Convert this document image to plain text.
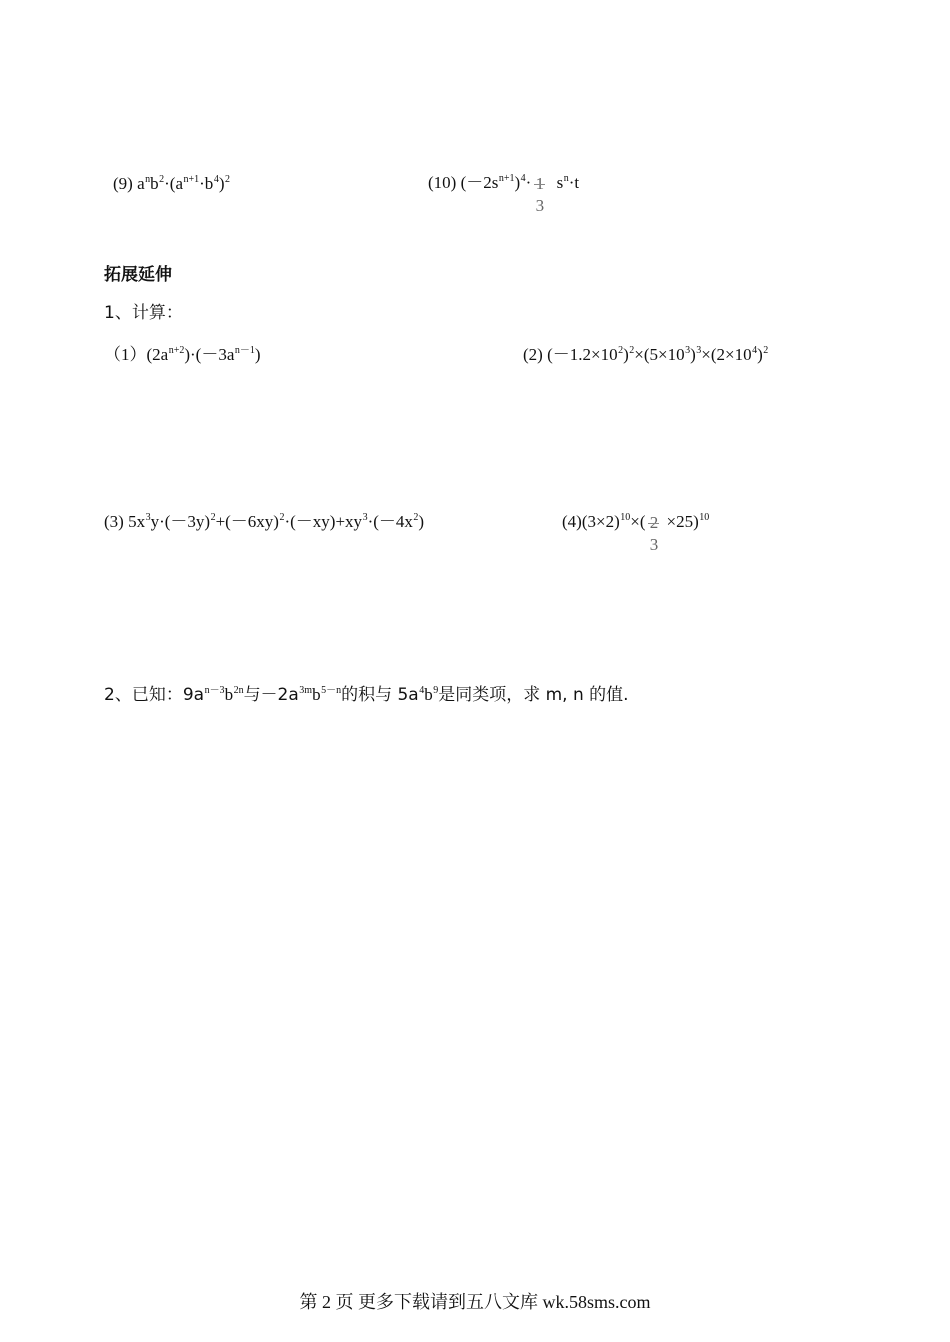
(9) $a^nb^2\cdot(a^{n+1}\cdot b^4)^2$	(10) $(-2s^{n+1})^4\cdot$
3
$s^n\cdot t$
拓展延伸
1、计算：
$(1)(2a^{n+2})\cdot(-3a^{n-1})$	(2) $(-1.2\times 10^2)^2\times(5\times 10^3)^3\times(2\times 10^4)^2$
(3) $5x^3y\cdot(-3y)^2+(-6xy)^2\cdot(-xy)+xy^3\cdot(-4x^2)$	$(4)(3\times 2)^{10}\times$(
3
×25)$^{10}$
2、已知：$9a^{n-3}b^{2n}$与$-2a^{3m}b^{5-n}$的积与 $5a^4b^9$是同类项，求 m, n 的值.
第 2 页 更多下载请到五八文库 wk.58sms.com
